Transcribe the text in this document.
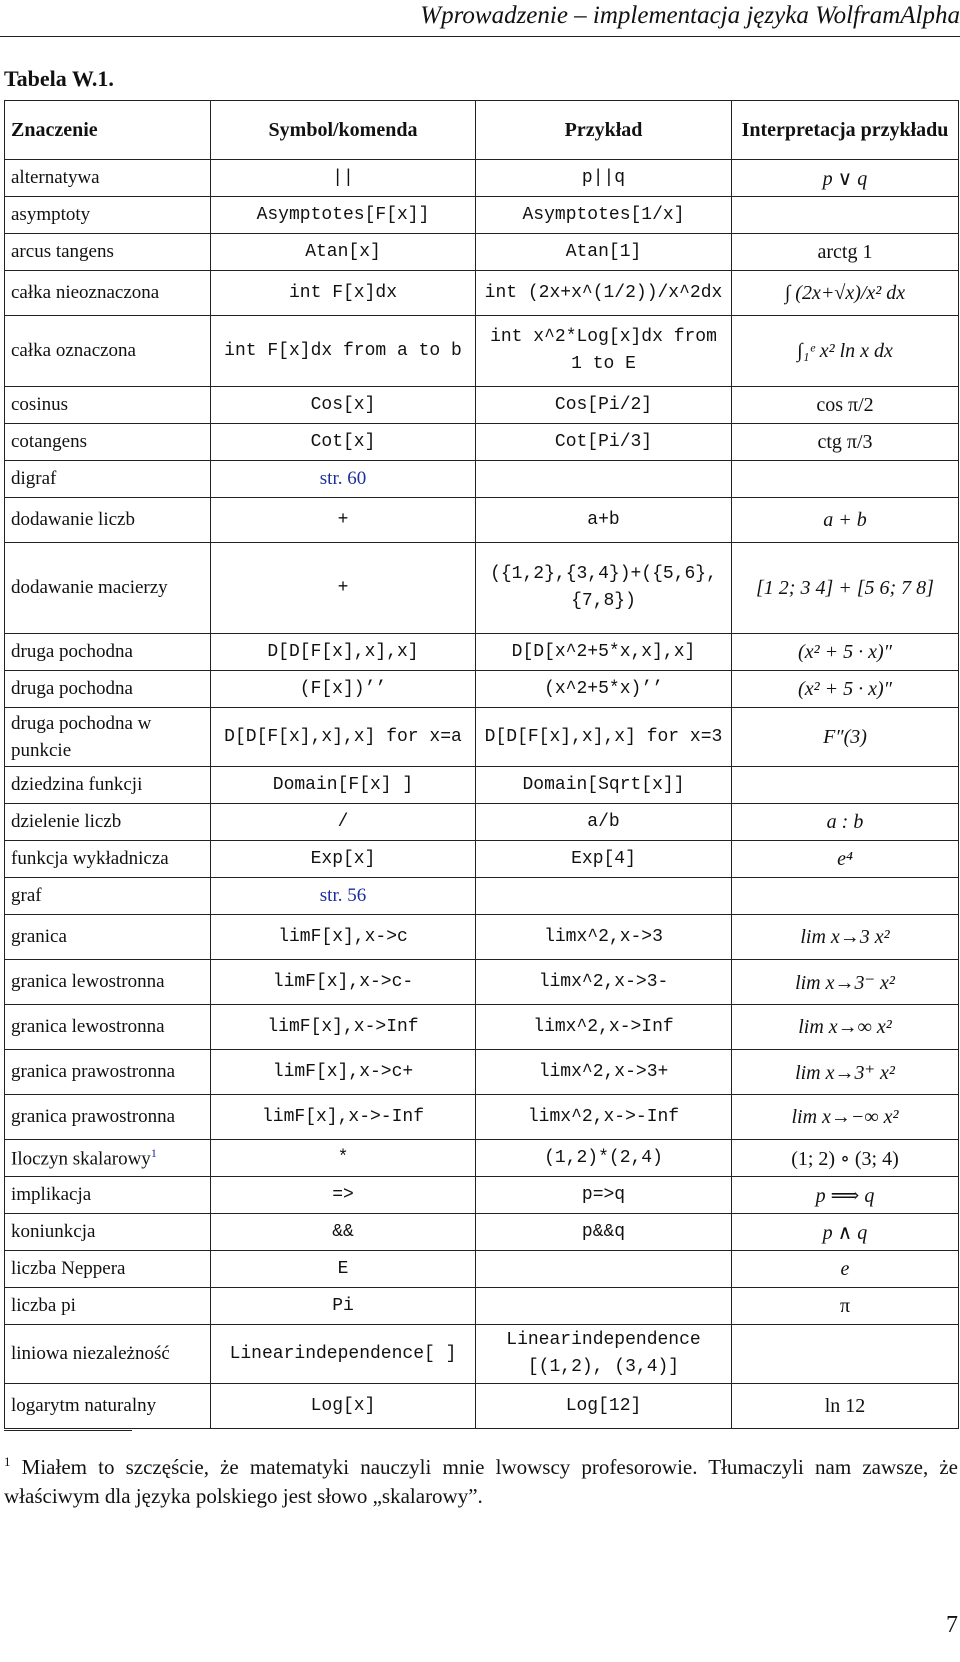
Wprowadzenie – implementacja języka WolframAlpha
Tabela W.1.
Znaczenie	Symbol/komenda	Przykład	Interpretacja przykładu
alternatywa	||	p||q	p ∨ q
asymptoty	Asymptotes[F[x]]	Asymptotes[1/x]	
arcus tangens	Atan[x]	Atan[1]	arctg 1
całka nieoznaczona	int F[x]dx	int (2x+x^(1/2))/x^2dx	∫ (2x+√x)/x² dx
całka oznaczona	int F[x]dx from a to b	int x^2*Log[x]dx from 1 to E	∫₁ᵉ x² ln x dx
cosinus	Cos[x]	Cos[Pi/2]	cos π/2
cotangens	Cot[x]	Cot[Pi/3]	ctg π/3
digraf	str. 60		
dodawanie liczb	+	a+b	a + b
dodawanie macierzy	+	({1,2},{3,4})+({5,6},{7,8})	[1 2; 3 4] + [5 6; 7 8]
druga pochodna	D[D[F[x],x],x]	D[D[x^2+5*x,x],x]	(x² + 5 · x)″
druga pochodna	(F[x])’’	(x^2+5*x)’’	(x² + 5 · x)″
druga pochodna w punkcie	D[D[F[x],x],x] for x=a	D[D[F[x],x],x] for x=3	F″(3)
dziedzina funkcji	Domain[F[x] ]	Domain[Sqrt[x]]	
dzielenie liczb	/	a/b	a : b
funkcja wykładnicza	Exp[x]	Exp[4]	e⁴
graf	str. 56		
granica	limF[x],x->c	limx^2,x->3	lim x→3 x²
granica lewostronna	limF[x],x->c-	limx^2,x->3-	lim x→3⁻ x²
granica lewostronna	limF[x],x->Inf	limx^2,x->Inf	lim x→∞ x²
granica prawostronna	limF[x],x->c+	limx^2,x->3+	lim x→3⁺ x²
granica prawostronna	limF[x],x->-Inf	limx^2,x->-Inf	lim x→−∞ x²
Iloczyn skalarowy$^1$	*	(1,2)*(2,4)	(1; 2) ∘ (3; 4)
implikacja	=>	p=>q	p ⟹ q
koniunkcja	&&	p&&q	p ∧ q
liczba Neppera	E		e
liczba pi	Pi		π
liniowa niezależność	Linearindependence[ ]	Linearindependence [(1,2), (3,4)]	
logarytm naturalny	Log[x]	Log[12]	ln 12
$^1$ Miałem to szczęście, że matematyki nauczyli mnie lwowscy profesorowie. Tłumaczyli nam zawsze, że właściwym dla języka polskiego jest słowo „skalarowy”.
7
